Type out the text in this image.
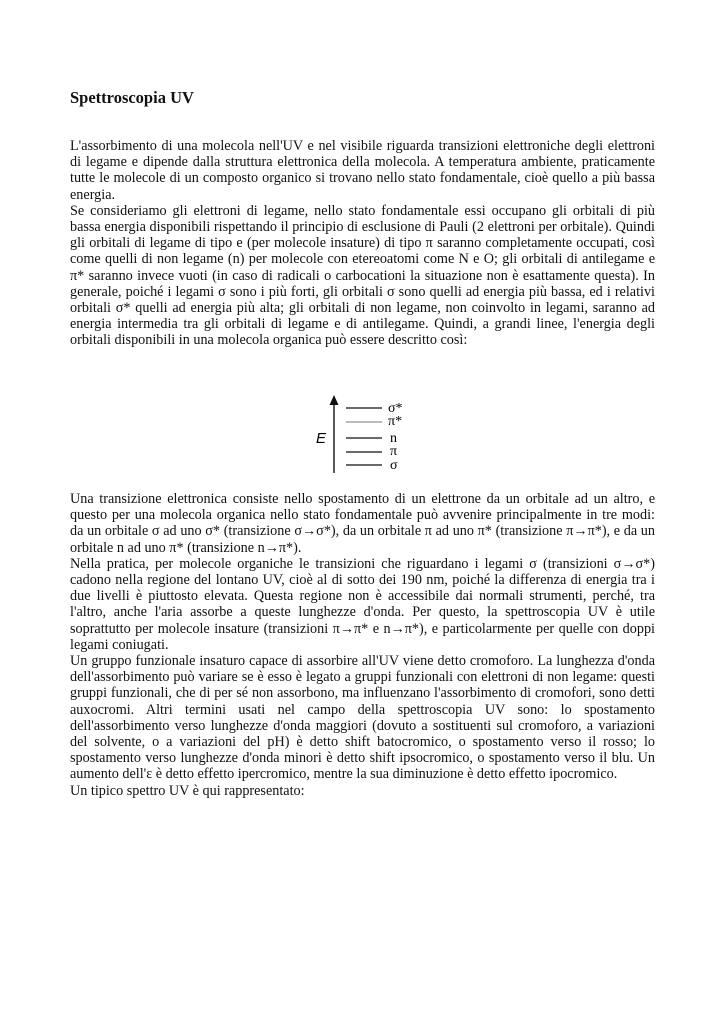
Spettroscopia UV

L'assorbimento di una molecola nell'UV e nel visibile riguarda transizioni elettroniche degli elettroni di legame e dipende dalla struttura elettronica della molecola. A temperatura ambiente, praticamente tutte le molecole di un composto organico si trovano nello stato fondamentale, cioè quello a più bassa energia.

Se consideriamo gli elettroni di legame, nello stato fondamentale essi occupano gli orbitali di più bassa energia disponibili rispettando il principio di esclusione di Pauli (2 elettroni per orbitale). Quindi gli orbitali di legame di tipo e (per molecole insature) di tipo π saranno completamente occupati, così come quelli di non legame (n) per molecole con etereoatomi come N e O; gli orbitali di antilegame e π* saranno invece vuoti (in caso di radicali o carbocationi la situazione non è esattamente questa). In generale, poiché i legami σ sono i più forti, gli orbitali σ sono quelli ad energia più bassa, ed i relativi orbitali σ* quelli ad energia più alta; gli orbitali di non legame, non coinvolto in legami, saranno ad energia intermedia tra gli orbitali di legame e di antilegame. Quindi, a grandi linee, l'energia degli orbitali disponibili in una molecola organica può essere descritto così:

E
σ*
π*
n
π
σ

Una transizione elettronica consiste nello spostamento di un elettrone da un orbitale ad un altro, e questo per una molecola organica nello stato fondamentale può avvenire principalmente in tre modi: da un orbitale σ ad uno σ* (transizione σ→σ*), da un orbitale π ad uno π* (transizione π→π*), e da un orbitale n ad uno π* (transizione n→π*).

Nella pratica, per molecole organiche le transizioni che riguardano i legami σ (transizioni σ→σ*) cadono nella regione del lontano UV, cioè al di sotto dei 190 nm, poiché la differenza di energia tra i due livelli è piuttosto elevata. Questa regione non è accessibile dai normali strumenti, perché, tra l'altro, anche l'aria assorbe a queste lunghezze d'onda. Per questo, la spettroscopia UV è utile soprattutto per molecole insature (transizioni π→π* e n→π*), e particolarmente per quelle con doppi legami coniugati.

Un gruppo funzionale insaturo capace di assorbire all'UV viene detto cromoforo. La lunghezza d'onda dell'assorbimento può variare se è esso è legato a gruppi funzionali con elettroni di non legame: questi gruppi funzionali, che di per sé non assorbono, ma influenzano l'assorbimento di cromofori, sono detti auxocromi. Altri termini usati nel campo della spettroscopia UV sono: lo spostamento dell'assorbimento verso lunghezze d'onda maggiori (dovuto a sostituenti sul cromoforo, a variazioni del solvente, o a variazioni del pH) è detto shift batocromico, o spostamento verso il rosso; lo spostamento verso lunghezze d'onda minori è detto shift ipsocromico, o spostamento verso il blu. Un aumento dell'ε è detto effetto ipercromico, mentre la sua diminuzione è detto effetto ipocromico.

Un tipico spettro UV è qui rappresentato:
